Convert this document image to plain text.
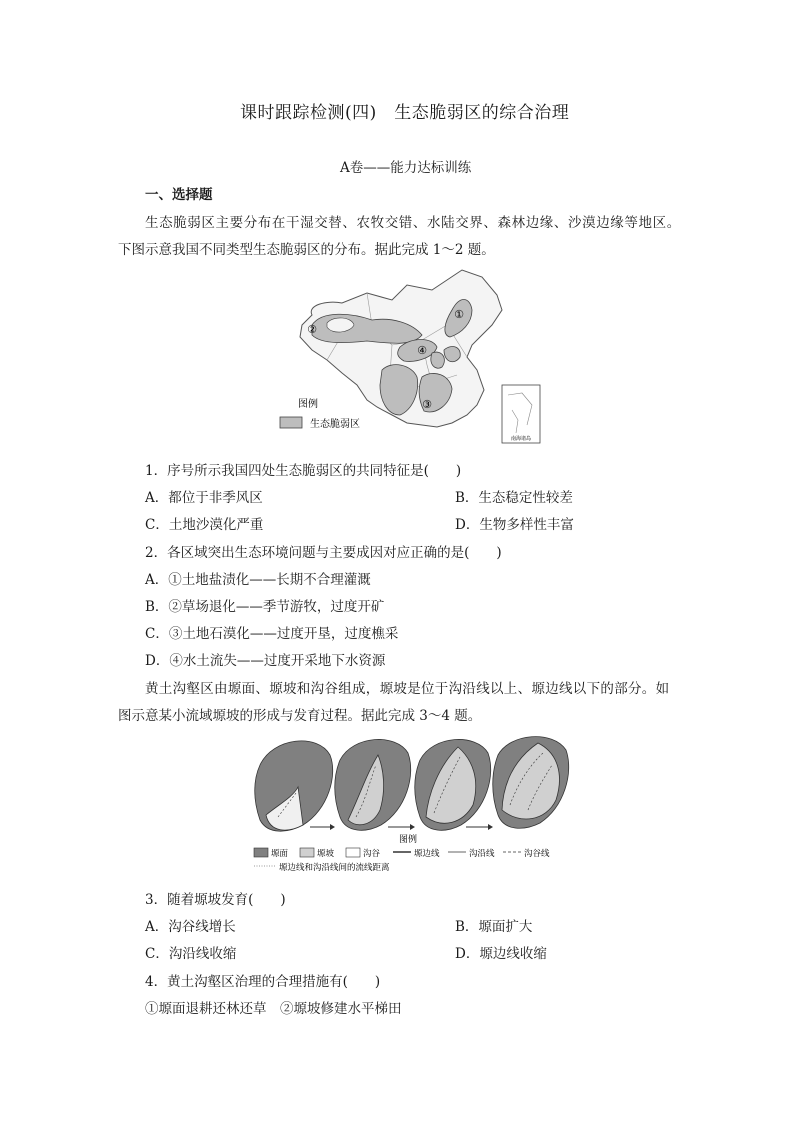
课时跟踪检测(四)　生态脆弱区的综合治理
A卷——能力达标训练
一、选择题
生态脆弱区主要分布在干湿交替、农牧交错、水陆交界、森林边缘、沙漠边缘等地区。
下图示意我国不同类型生态脆弱区的分布。据此完成 1～2 题。
①
②
④
③
图例
生态脆弱区
南海诸岛
1．序号所示我国四处生态脆弱区的共同特征是(　　)
A．都位于非季风区	B．生态稳定性较差
C．土地沙漠化严重	D．生物多样性丰富
2．各区域突出生态环境问题与主要成因对应正确的是(　　)
A．①土地盐渍化——长期不合理灌溉
B．②草场退化——季节游牧，过度开矿
C．③土地石漠化——过度开垦，过度樵采
D．④水土流失——过度开采地下水资源
黄土沟壑区由塬面、塬坡和沟谷组成，塬坡是位于沟沿线以上、塬边线以下的部分。如
图示意某小流域塬坡的形成与发育过程。据此完成 3～4 题。
图例
塬面	塬坡	沟谷	塬边线	沟沿线	沟谷线
塬边线和沟沿线间的流线距离
3．随着塬坡发育(　　)
A．沟谷线增长	B．塬面扩大
C．沟沿线收缩	D．塬边线收缩
4．黄土沟壑区治理的合理措施有(　　)
①塬面退耕还林还草　②塬坡修建水平梯田
